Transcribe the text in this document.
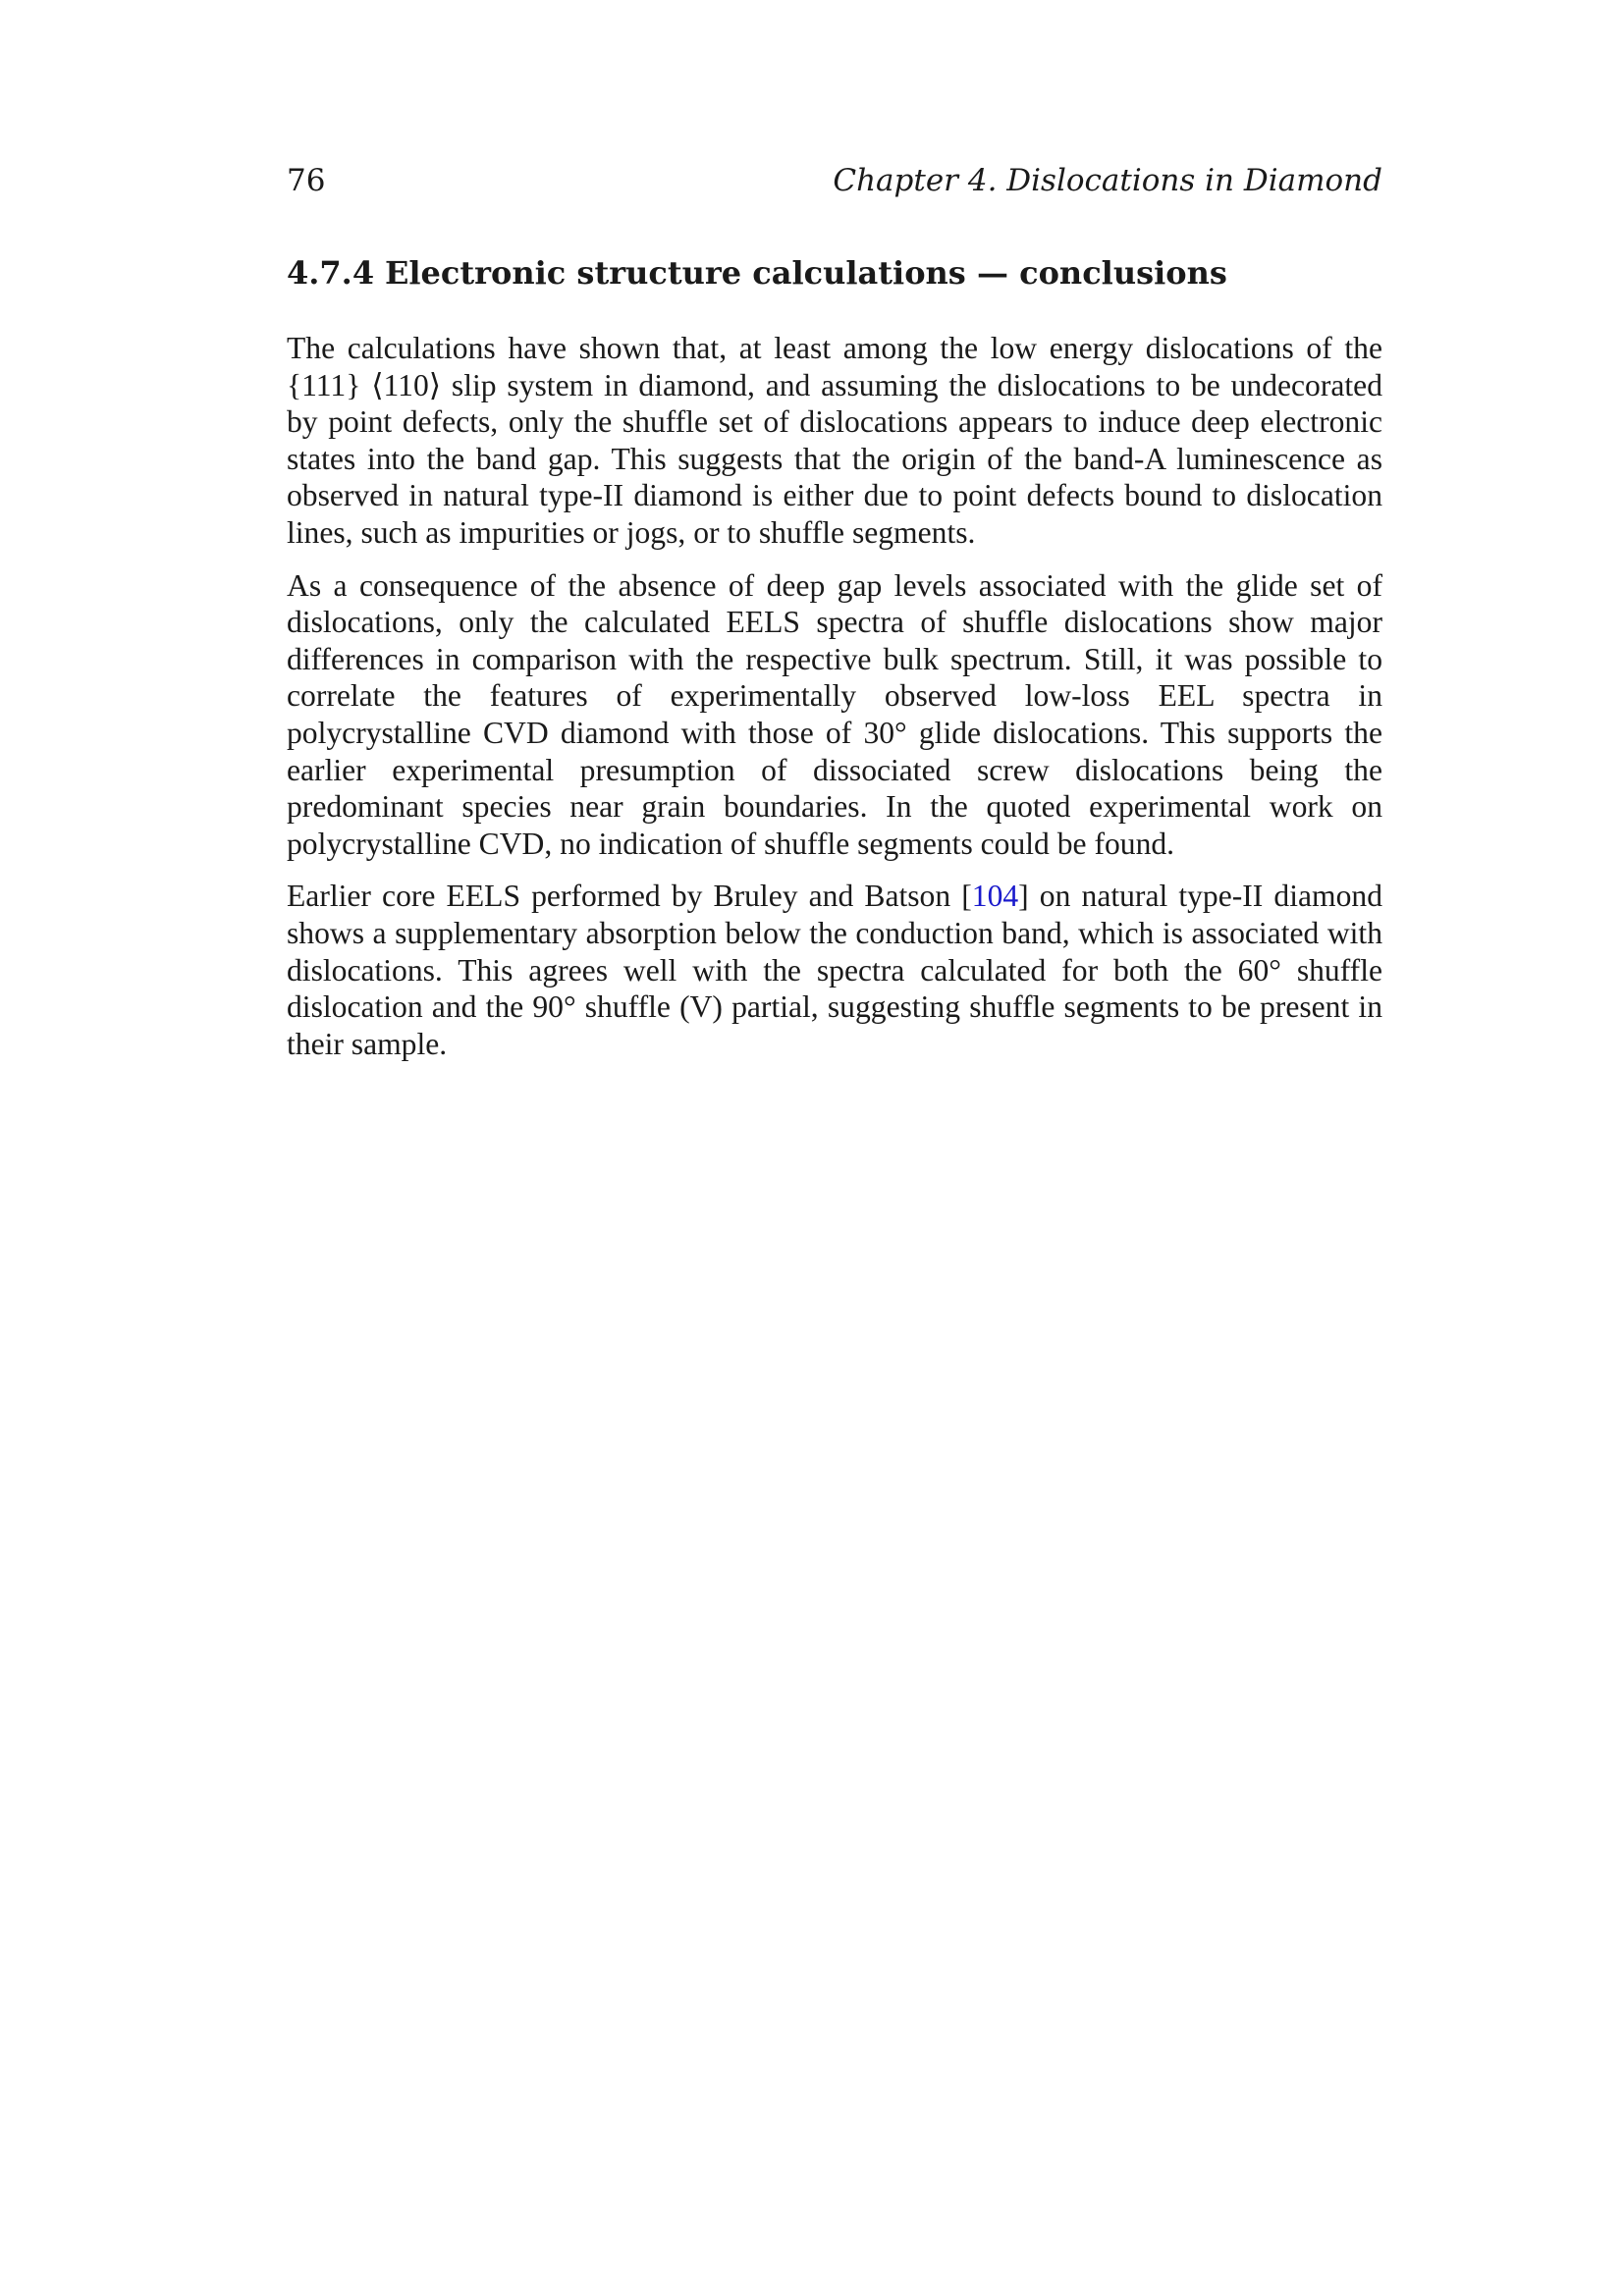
76	Chapter 4. Dislocations in Diamond
4.7.4 Electronic structure calculations — conclusions

The calculations have shown that, at least among the low energy dislocations of the {111} ⟨110⟩ slip system in diamond, and assuming the dislocations to be undecorated by point defects, only the shuffle set of dislocations appears to induce deep electronic states into the band gap. This suggests that the origin of the band-A luminescence as observed in natural type-II diamond is either due to point defects bound to dislocation lines, such as impurities or jogs, or to shuffle segments.

As a consequence of the absence of deep gap levels associated with the glide set of dislocations, only the calculated EELS spectra of shuffle dislocations show major differences in comparison with the respective bulk spectrum. Still, it was possible to correlate the features of experimentally observed low-loss EEL spectra in polycrystalline CVD diamond with those of 30° glide dislocations. This supports the earlier experimental presumption of dissociated screw dislocations being the predominant species near grain boundaries. In the quoted experimental work on polycrystalline CVD, no indication of shuffle segments could be found.

Earlier core EELS performed by Bruley and Batson [104] on natural type-II diamond shows a supplementary absorption below the conduction band, which is associated with dislocations. This agrees well with the spectra calculated for both the 60° shuffle dislocation and the 90° shuffle (V) partial, suggesting shuffle segments to be present in their sample.
